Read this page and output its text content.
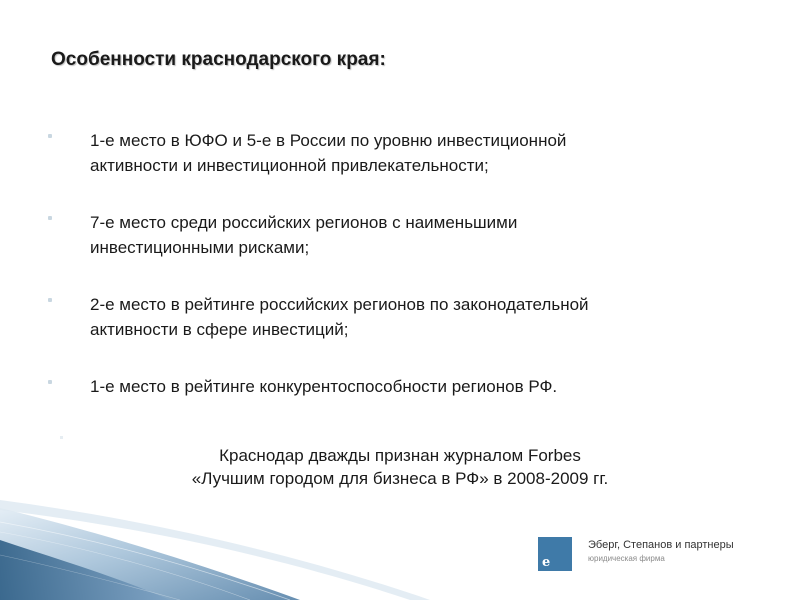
Особенности краснодарского края:
1-е место в ЮФО и 5-е в России по уровню инвестиционной
активности и инвестиционной привлекательности;
7-е место среди российских регионов с наименьшими
инвестиционными рисками;
2-е место в рейтинге российских регионов по законодательной
активности в сфере инвестиций;
1-е место в рейтинге конкурентоспособности регионов РФ.
Краснодар дважды признан журналом Forbes
«Лучшим городом для бизнеса в РФ» в 2008-2009 гг.
e
Эберг, Степанов и партнеры
юридическая фирма
